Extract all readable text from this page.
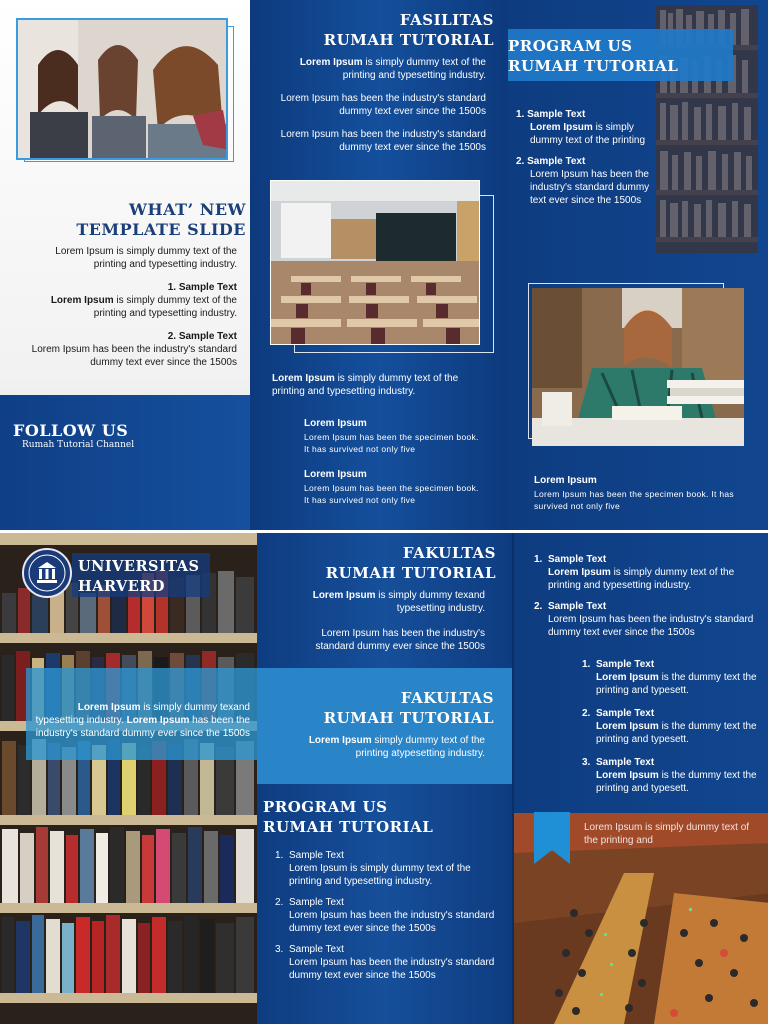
WHAT’ NEW
TEMPLATE SLIDE

Lorem Ipsum is simply dummy text of the printing and typesetting industry.

1. Sample Text

Lorem Ipsum is simply dummy text of the printing and typesetting industry.

2. Sample Text

Lorem Ipsum has been the industry's standard dummy text ever since the 1500s

FOLLOW US
Rumah Tutorial Channel
FASILITAS
RUMAH TUTORIAL

Lorem Ipsum is simply dummy text of the printing and typesetting industry.

Lorem Ipsum has been the industry's standard dummy text ever since the 1500s

Lorem Ipsum has been the industry's standard dummy text ever since the 1500s

Lorem Ipsum is simply dummy text of the printing and typesetting industry.
Lorem Ipsum
Lorem Ipsum has been the specimen book. It has survived not only five
Lorem Ipsum
Lorem Ipsum has been the specimen book. It has survived not only five
PROGRAM US
RUMAH TUTORIAL
1. Sample Text
Lorem Ipsum is simply dummy text of the printing
2. Sample Text
Lorem Ipsum has been the industry's standard dummy text ever since the 1500s
Lorem Ipsum
Lorem Ipsum has been the specimen book. It has survived not only five
UNIVERSITAS
HARVERD
Lorem Ipsum is simply dummy texand typesetting industry. Lorem Ipsum has been the industry's standard dummy ever since the 1500s
FAKULTAS
RUMAH TUTORIAL

Lorem Ipsum is simply dummy texand typesetting industry.

Lorem Ipsum has been the industry's standard dummy ever since the 1500s

FAKULTAS
RUMAH TUTORIAL
Lorem Ipsum simply dummy text of the printing atypesetting industry.
PROGRAM US
RUMAH TUTORIAL
1. Sample Text
Lorem Ipsum is simply dummy text of the printing and typesetting industry.
2. Sample Text
Lorem Ipsum has been the industry's standard dummy text ever since the 1500s
3. Sample Text
Lorem Ipsum has been the industry's standard dummy text ever since the 1500s
1. Sample Text
Lorem Ipsum is simply dummy text of the printing and typesetting industry.
2. Sample Text
Lorem Ipsum has been the industry's standard dummy text ever since the 1500s
1. Sample Text
Lorem Ipsum is the dummy text the printing and typesett.
2. Sample Text
Lorem Ipsum is the dummy text the printing and typesett.
3. Sample Text
Lorem Ipsum is the dummy text the printing and typesett.
Lorem Ipsum is simply dummy text of the printing and
